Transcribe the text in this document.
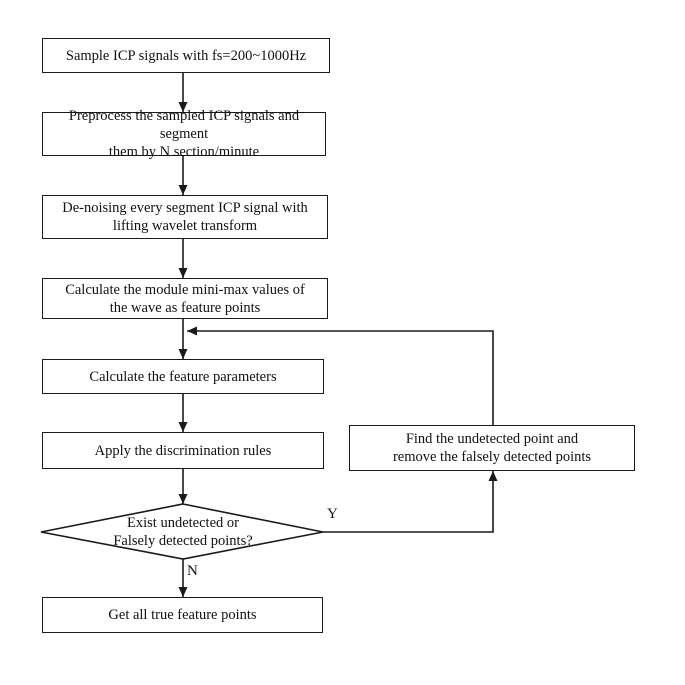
Sample ICP signals with fs=200~1000Hz
Preprocess the sampled ICP signals and segment
them by N section/minute
De-noising every segment ICP signal with
lifting wavelet transform
Calculate the module mini-max values of
the wave as feature points
Calculate the feature parameters
Apply the discrimination rules
Find the undetected point and
remove the falsely detected points
Exist undetected or
Falsely detected points?
Get all true feature points
Y
N
